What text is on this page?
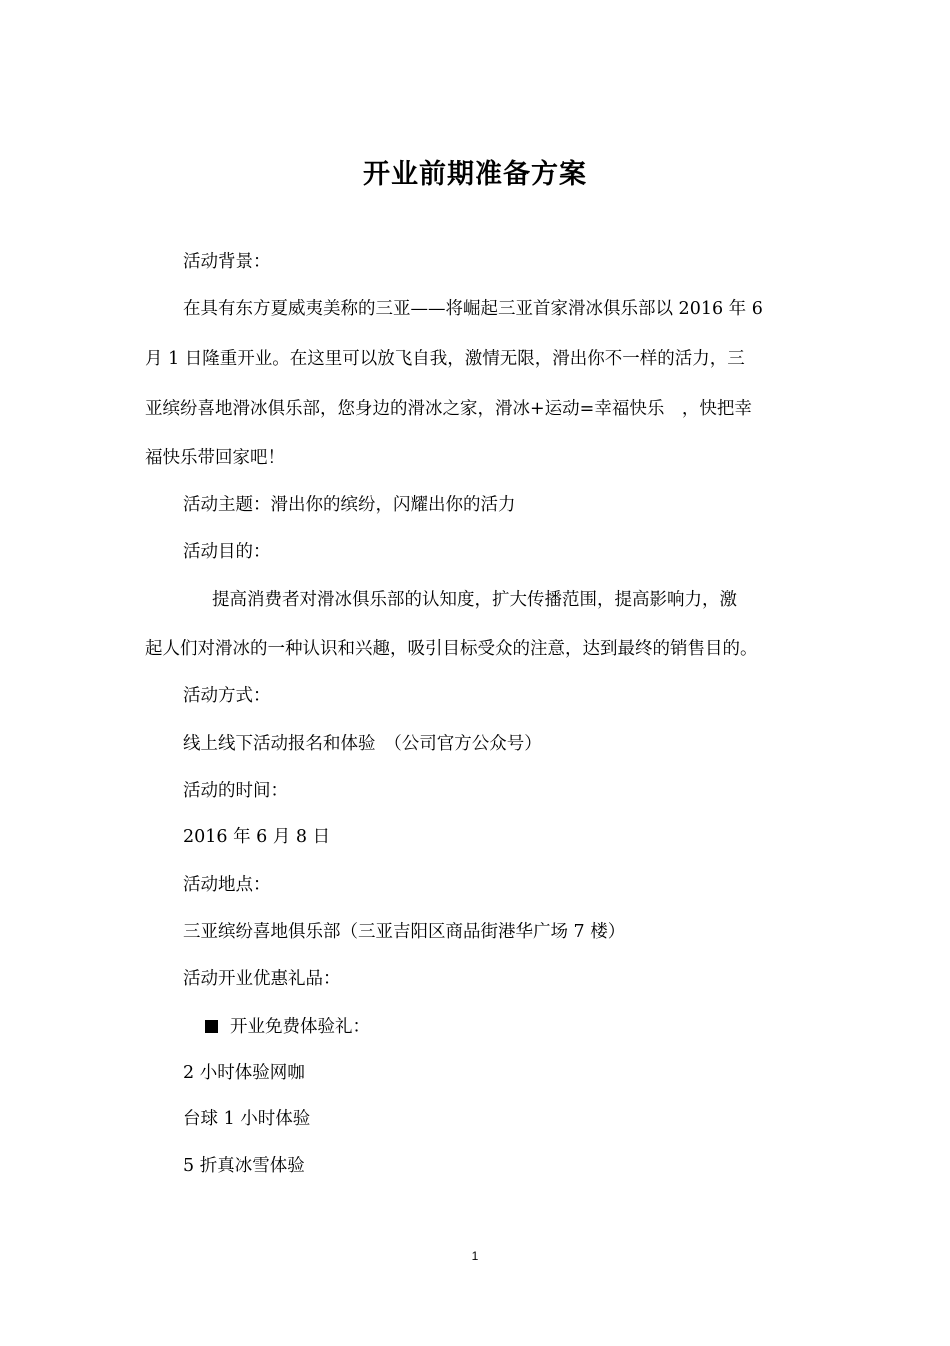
开业前期准备方案
活动背景：
在具有东方夏威夷美称的三亚——将崛起三亚首家滑冰俱乐部以 2016 年 6
月 1 日隆重开业。在这里可以放飞自我，激情无限，滑出你不一样的活力，三
亚缤纷喜地滑冰俱乐部，您身边的滑冰之家，滑冰+运动=幸福快乐　，快把幸
福快乐带回家吧！
活动主题：滑出你的缤纷，闪耀出你的活力
活动目的：
提高消费者对滑冰俱乐部的认知度，扩大传播范围，提高影响力，激
起人们对滑冰的一种认识和兴趣，吸引目标受众的注意，达到最终的销售目的。
活动方式：
线上线下活动报名和体验　（公司官方公众号）
活动的时间：
2016 年 6 月 8 日
活动地点：
三亚缤纷喜地俱乐部（三亚吉阳区商品街港华广场 7 楼）
活动开业优惠礼品：
开业免费体验礼：
2 小时体验网咖
台球 1 小时体验
5 折真冰雪体验
1
